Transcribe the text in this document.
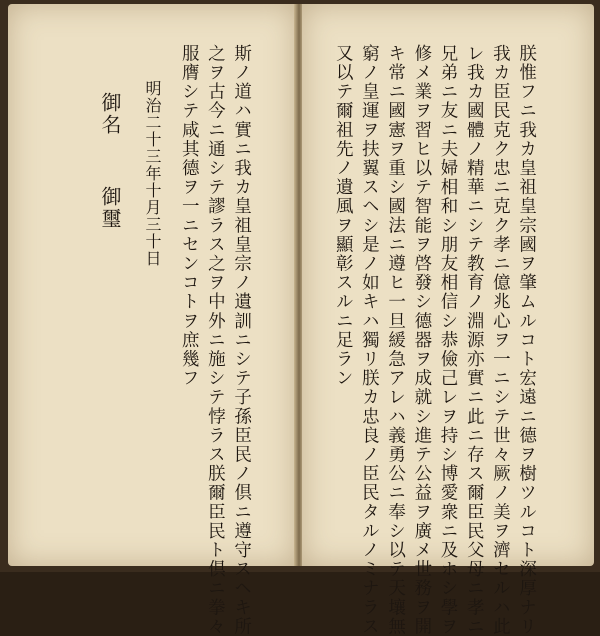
朕惟フニ我カ皇祖皇宗國ヲ肇ムルコト宏遠ニ德ヲ樹ツルコト深厚ナリ
我カ臣民克ク忠ニ克ク孝ニ億兆心ヲ一ニシテ世々厥ノ美ヲ濟セルハ此
レ我カ國體ノ精華ニシテ教育ノ淵源亦實ニ此ニ存ス爾臣民父母ニ孝ニ
兄弟ニ友ニ夫婦相和シ朋友相信シ恭儉己レヲ持シ博愛衆ニ及ホシ學ヲ
修メ業ヲ習ヒ以テ智能ヲ啓發シ德器ヲ成就シ進テ公益ヲ廣メ世務ヲ開
キ常ニ國憲ヲ重シ國法ニ遵ヒ一旦緩急アレハ義勇公ニ奉シ以テ天壤無
窮ノ皇運ヲ扶翼スヘシ是ノ如キハ獨リ朕カ忠良ノ臣民タルノミナラス
又以テ爾祖先ノ遺風ヲ顯彰スルニ足ラン
斯ノ道ハ實ニ我カ皇祖皇宗ノ遺訓ニシテ子孫臣民ノ倶ニ遵守スヘキ所
之ヲ古今ニ通シテ謬ラス之ヲ中外ニ施シテ悖ラス朕爾臣民ト倶ニ拳々
服膺シテ咸其德ヲ一ニセンコトヲ庶幾フ
明治二十三年十月三十日
御名 御璽
